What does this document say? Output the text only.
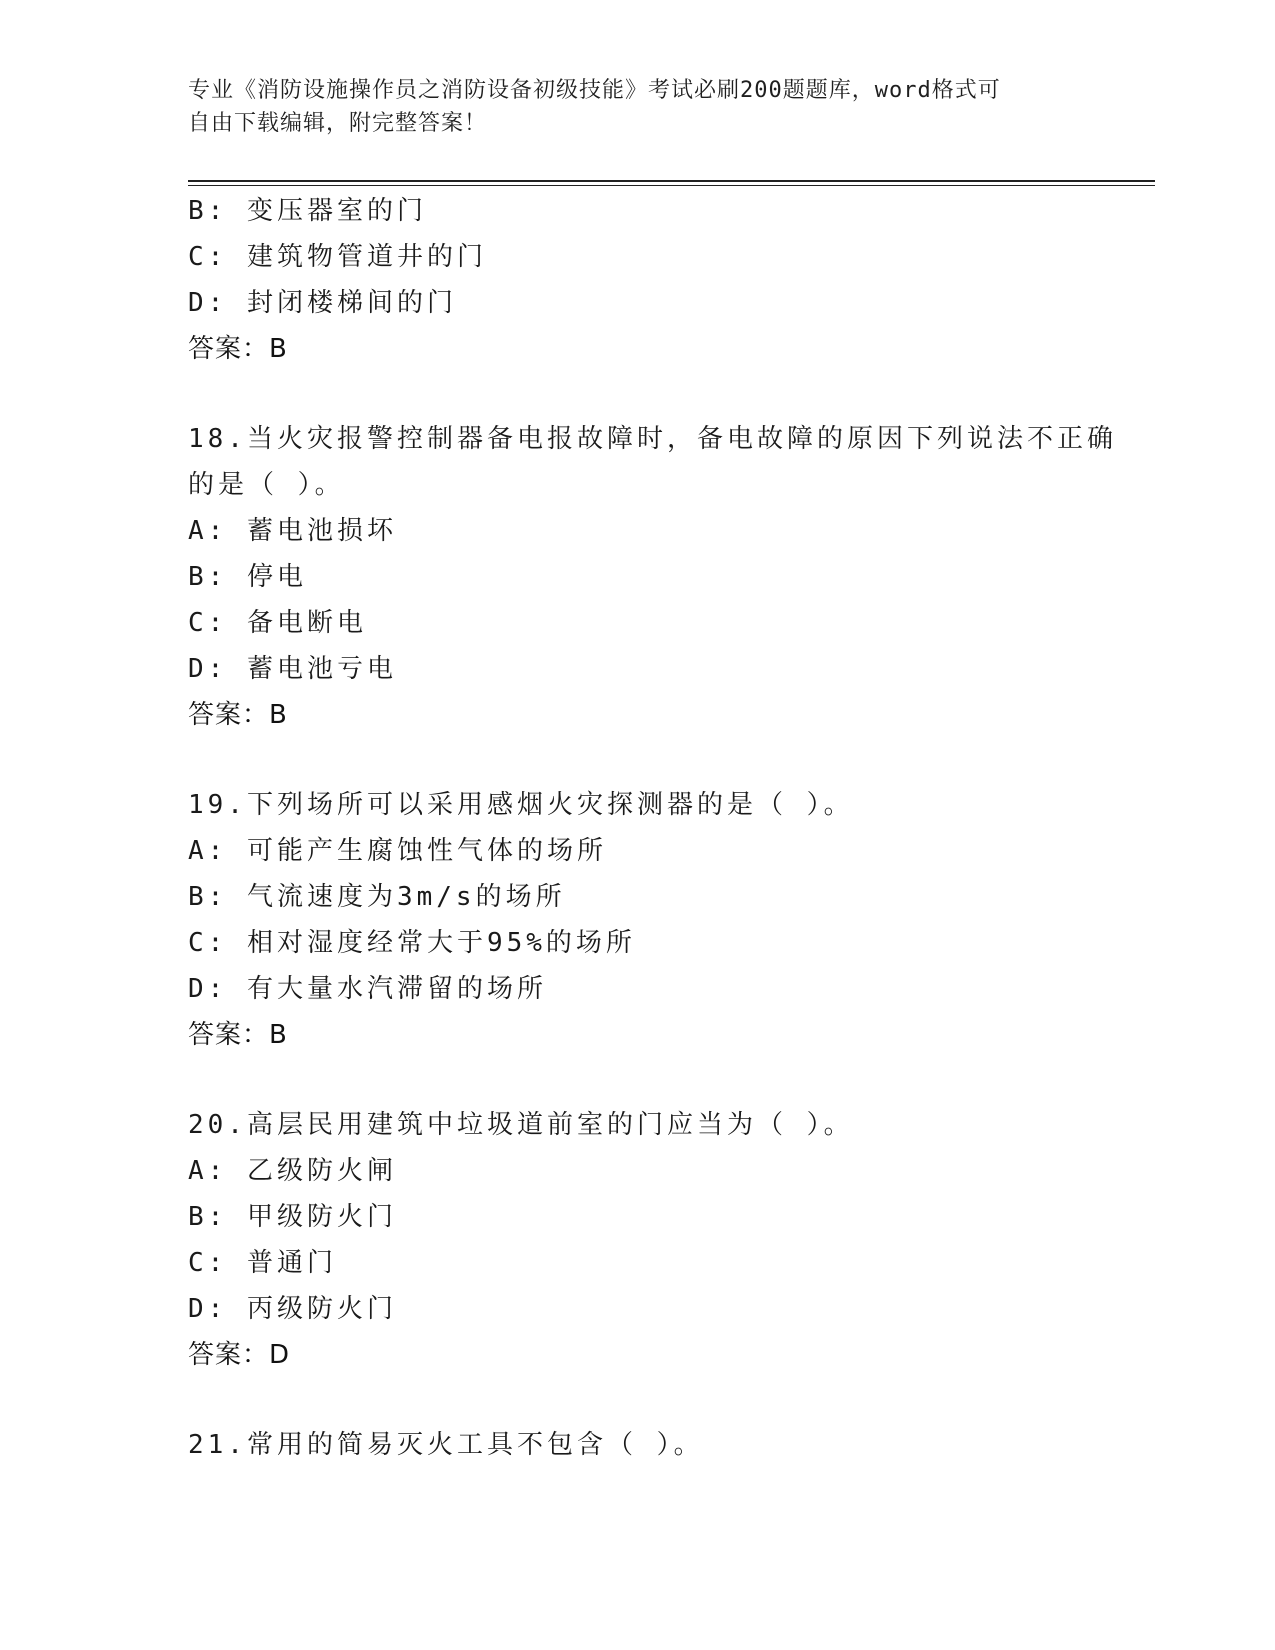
专业《消防设施操作员之消防设备初级技能》考试必刷200题题库，word格式可
自由下载编辑，附完整答案！
B: 变压器室的门
C: 建筑物管道井的门
D: 封闭楼梯间的门
答案：B
18.当火灾报警控制器备电报故障时，备电故障的原因下列说法不正确
的是（ ）。
A: 蓄电池损坏
B: 停电
C: 备电断电
D: 蓄电池亏电
答案：B
19.下列场所可以采用感烟火灾探测器的是（ ）。
A: 可能产生腐蚀性气体的场所
B: 气流速度为3m/s的场所
C: 相对湿度经常大于95%的场所
D: 有大量水汽滞留的场所
答案：B
20.高层民用建筑中垃圾道前室的门应当为（ ）。
A: 乙级防火闸
B: 甲级防火门
C: 普通门
D: 丙级防火门
答案：D
21.常用的简易灭火工具不包含（ ）。
